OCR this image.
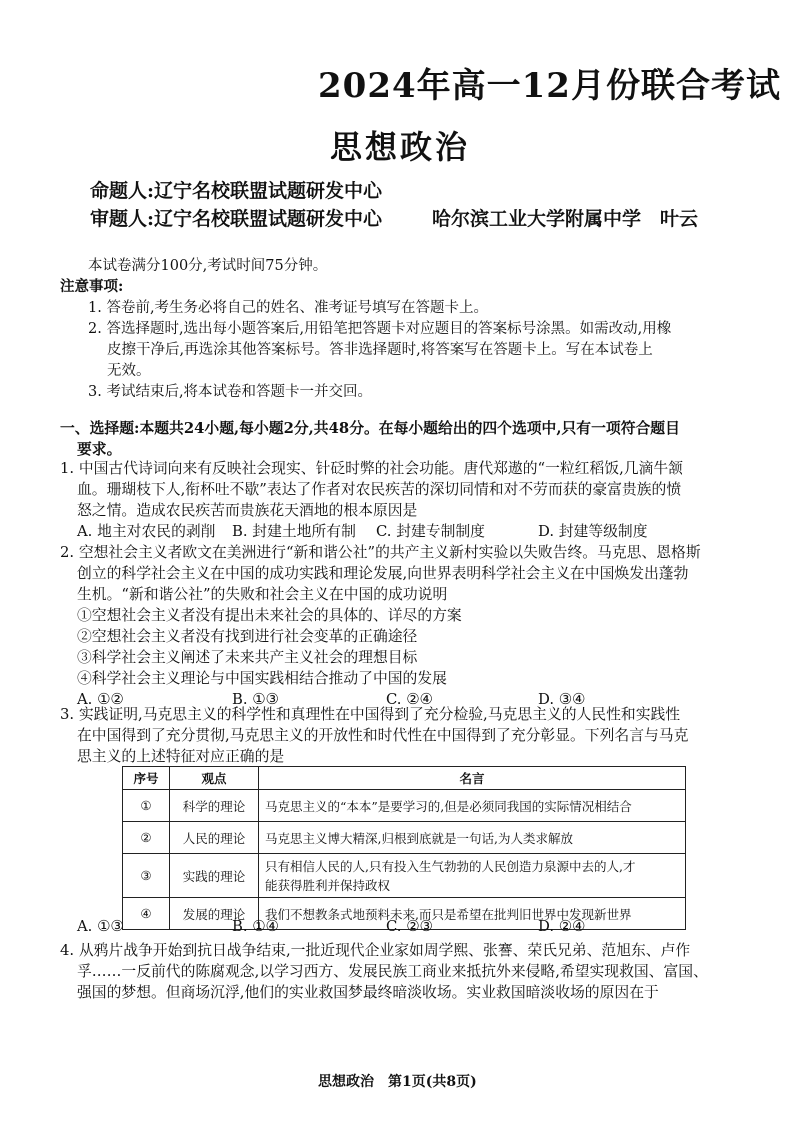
2024年高一12月份联合考试
思想政治
命题人:辽宁名校联盟试题研发中心
审题人:辽宁名校联盟试题研发中心	哈尔滨工业大学附属中学　叶云
本试卷满分100分,考试时间75分钟。
注意事项:
1. 答卷前,考生务必将自己的姓名、准考证号填写在答题卡上。
2. 答选择题时,选出每小题答案后,用铅笔把答题卡对应题目的答案标号涂黑。如需改动,用橡
皮擦干净后,再选涂其他答案标号。答非选择题时,将答案写在答题卡上。写在本试卷上
无效。
3. 考试结束后,将本试卷和答题卡一并交回。

一、选择题:本题共24小题,每小题2分,共48分。在每小题给出的四个选项中,只有一项符合题目

要求。

1. 中国古代诗词向来有反映社会现实、针砭时弊的社会功能。唐代郑遨的“一粒红稻饭,几滴牛颔

血。珊瑚枝下人,衔杯吐不歇”表达了作者对农民疾苦的深切同情和对不劳而获的豪富贵族的愤

怒之情。造成农民疾苦而贵族花天酒地的根本原因是

A. 地主对农民的剥削 B. 封建土地所有制 C. 封建专制制度	D. 封建等级制度

2. 空想社会主义者欧文在美洲进行“新和谐公社”的共产主义新村实验以失败告终。马克思、恩格斯

创立的科学社会主义在中国的成功实践和理论发展,向世界表明科学社会主义在中国焕发出蓬勃

生机。“新和谐公社”的失败和社会主义在中国的成功说明

①空想社会主义者没有提出未来社会的具体的、详尽的方案

②空想社会主义者没有找到进行社会变革的正确途径

③科学社会主义阐述了未来共产主义社会的理想目标

④科学社会主义理论与中国实践相结合推动了中国的发展

A. ①②	B. ①③	C. ②④	D. ③④

3. 实践证明,马克思主义的科学性和真理性在中国得到了充分检验,马克思主义的人民性和实践性

在中国得到了充分贯彻,马克思主义的开放性和时代性在中国得到了充分彰显。下列名言与马克

思主义的上述特征对应正确的是

序号	观点	名言
①	科学的理论	马克思主义的“本本”是要学习的,但是必须同我国的实际情况相结合
②	人民的理论	马克思主义博大精深,归根到底就是一句话,为人类求解放
③	实践的理论	只有相信人民的人,只有投入生气勃勃的人民创造力泉源中去的人,才
能获得胜利并保持政权

④	发展的理论	我们不想教条式地预料未来,而只是希望在批判旧世界中发现新世界
A. ①③	B. ①④	C. ②③	D. ②④

4. 从鸦片战争开始到抗日战争结束,一批近现代企业家如周学熙、张謇、荣氏兄弟、范旭东、卢作

孚……一反前代的陈腐观念,以学习西方、发展民族工商业来抵抗外来侵略,希望实现救国、富国、

强国的梦想。但商场沉浮,他们的实业救国梦最终暗淡收场。实业救国暗淡收场的原因在于

思想政治　第1页(共8页)
